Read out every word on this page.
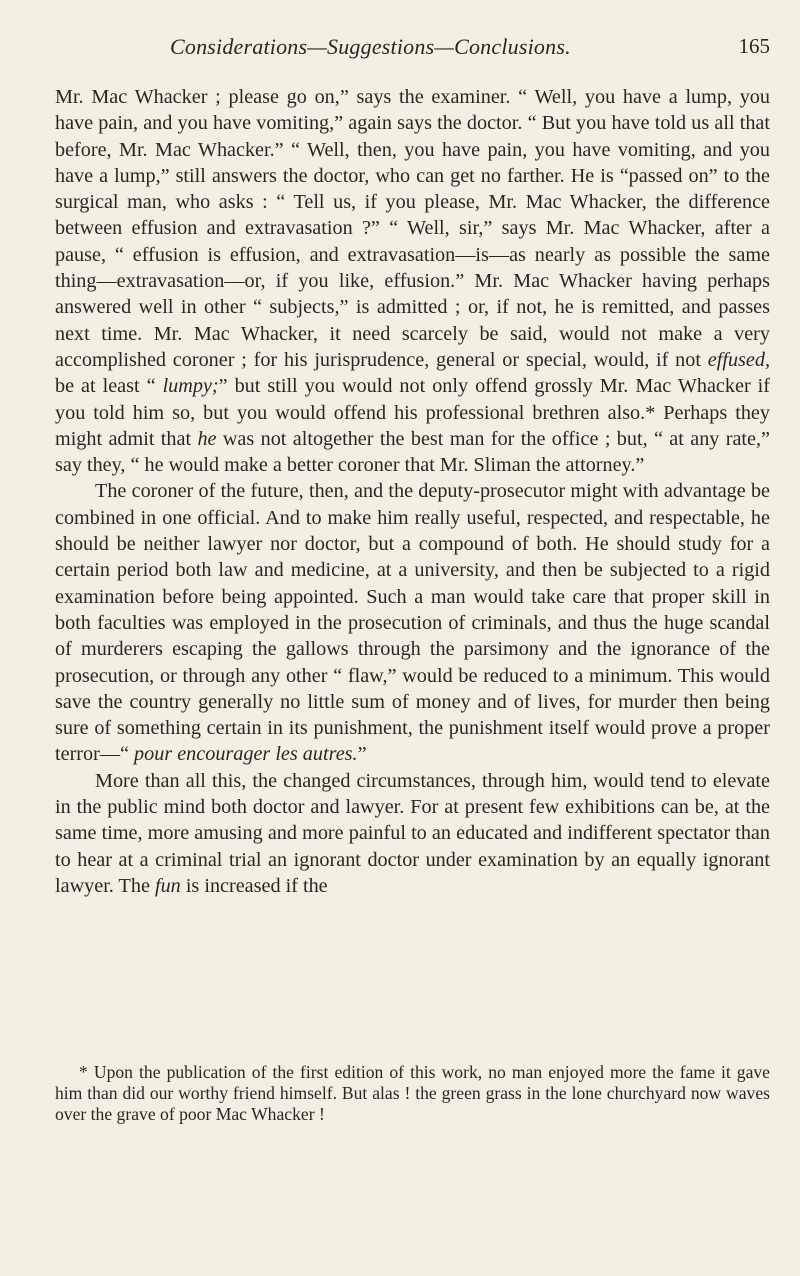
Considerations—Suggestions—Conclusions.	165

Mr. Mac Whacker ; please go on,” says the examiner. “ Well, you have a lump, you have pain, and you have vomiting,” again says the doctor. “ But you have told us all that before, Mr. Mac Whacker.” “ Well, then, you have pain, you have vomiting, and you have a lump,” still answers the doctor, who can get no farther. He is “passed on” to the surgical man, who asks : “ Tell us, if you please, Mr. Mac Whacker, the difference between effusion and extravasation ?” “ Well, sir,” says Mr. Mac Whacker, after a pause, “ effusion is effusion, and extravasation—is—as nearly as possible the same thing—extravasation—or, if you like, effusion.” Mr. Mac Whacker having perhaps answered well in other “ subjects,” is admitted ; or, if not, he is remitted, and passes next time. Mr. Mac Whacker, it need scarcely be said, would not make a very accomplished coroner ; for his jurisprudence, general or special, would, if not effused, be at least “ lumpy;” but still you would not only offend grossly Mr. Mac Whacker if you told him so, but you would offend his professional brethren also.* Perhaps they might admit that he was not altogether the best man for the office ; but, “ at any rate,” say they, “ he would make a better coroner that Mr. Sliman the attorney.”

The coroner of the future, then, and the deputy-prosecutor might with advantage be combined in one official. And to make him really useful, respected, and respectable, he should be neither lawyer nor doctor, but a compound of both. He should study for a certain period both law and medicine, at a university, and then be subjected to a rigid examination before being appointed. Such a man would take care that proper skill in both faculties was employed in the prosecution of criminals, and thus the huge scandal of murderers escaping the gallows through the parsimony and the ignorance of the prosecution, or through any other “ flaw,” would be reduced to a minimum. This would save the country generally no little sum of money and of lives, for murder then being sure of something certain in its punishment, the punishment itself would prove a proper terror—“ pour encourager les autres.”

More than all this, the changed circumstances, through him, would tend to elevate in the public mind both doctor and lawyer. For at present few exhibitions can be, at the same time, more amusing and more painful to an educated and indifferent spectator than to hear at a criminal trial an ignorant doctor under examination by an equally ignorant lawyer. The fun is increased if the

* Upon the publication of the first edition of this work, no man enjoyed more the fame it gave him than did our worthy friend himself. But alas ! the green grass in the lone churchyard now waves over the grave of poor Mac Whacker !
